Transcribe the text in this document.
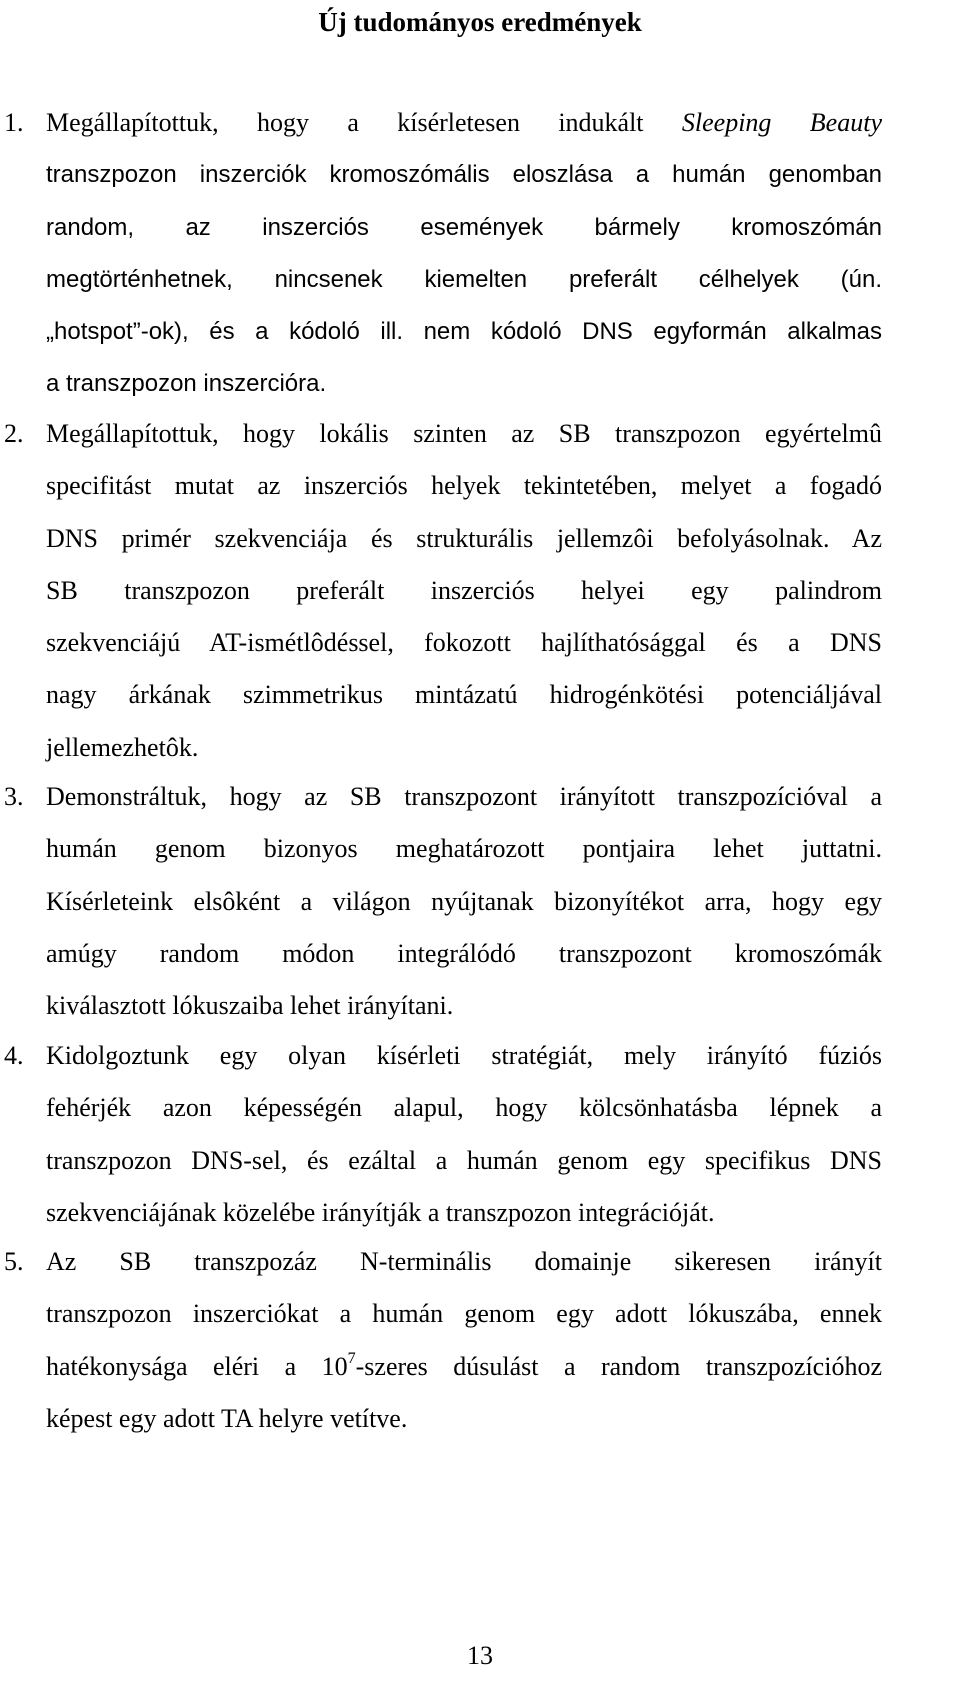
Új tudományos eredmények
1. Megállapítottuk, hogy a kísérletesen indukált Sleeping Beauty
transzpozon inszerciók kromoszómális eloszlása a humán genomban
random, az inszerciós események bármely kromoszómán
megtörténhetnek, nincsenek kiemelten preferált célhelyek (ún.
„hotspot”-ok), és a kódoló ill. nem kódoló DNS egyformán alkalmas
a transzpozon inszercióra.
2. Megállapítottuk, hogy lokális szinten az SB transzpozon egyértelmû
specifitást mutat az inszerciós helyek tekintetében, melyet a fogadó
DNS primér szekvenciája és strukturális jellemzôi befolyásolnak. Az
SB transzpozon preferált inszerciós helyei egy palindrom
szekvenciájú AT-ismétlôdéssel, fokozott hajlíthatósággal és a DNS
nagy árkának szimmetrikus mintázatú hidrogénkötési potenciáljával
jellemezhetôk.
3. Demonstráltuk, hogy az SB transzpozont irányított transzpozícióval a
humán genom bizonyos meghatározott pontjaira lehet juttatni.
Kísérleteink elsôként a világon nyújtanak bizonyítékot arra, hogy egy
amúgy random módon integrálódó transzpozont kromoszómák
kiválasztott lókuszaiba lehet irányítani.
4. Kidolgoztunk egy olyan kísérleti stratégiát, mely irányító fúziós
fehérjék azon képességén alapul, hogy kölcsönhatásba lépnek a
transzpozon DNS-sel, és ezáltal a humán genom egy specifikus DNS
szekvenciájának közelébe irányítják a transzpozon integrációját.
5. Az SB transzpozáz N-terminális domainje sikeresen irányít
transzpozon inszerciókat a humán genom egy adott lókuszába, ennek
hatékonysága eléri a $10^7$-szeres dúsulást a random transzpozícióhoz
képest egy adott TA helyre vetítve.
13
